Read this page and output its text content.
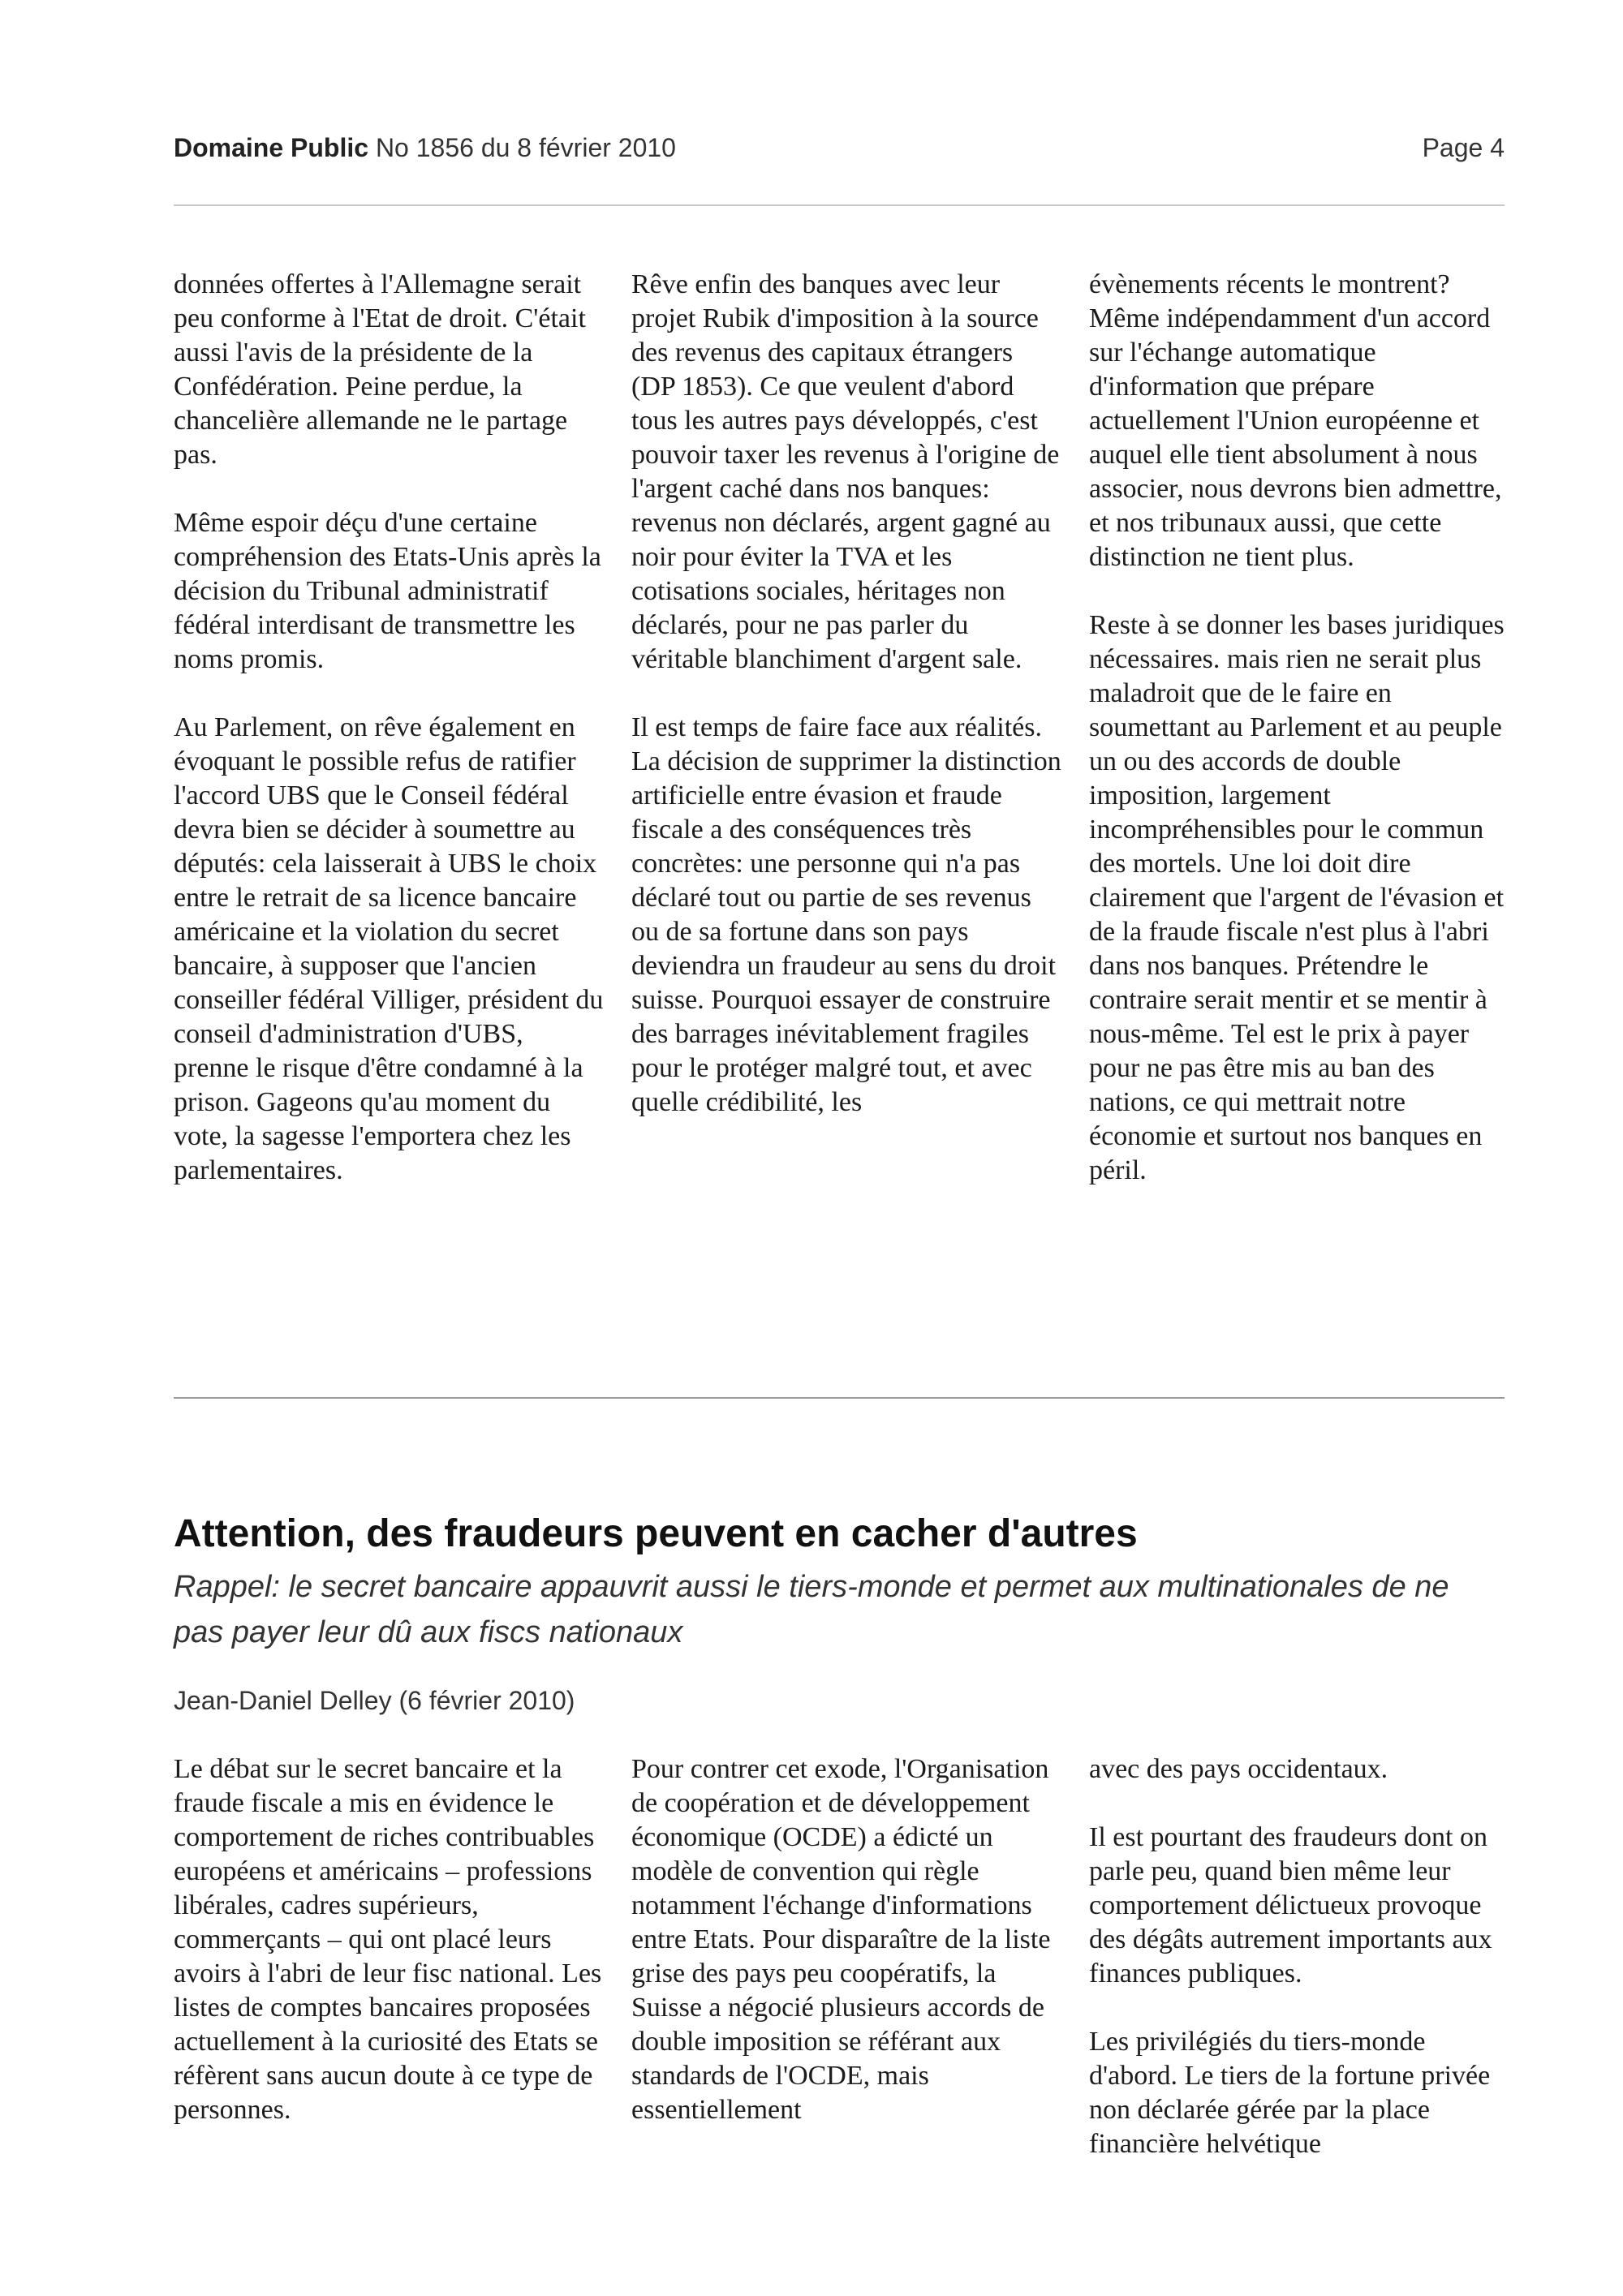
Domaine Public No 1856 du 8 février 2010	Page 4

données offertes à l'Allemagne serait peu conforme à l'Etat de droit. C'était aussi l'avis de la présidente de la Confédération. Peine perdue, la chancelière allemande ne le partage pas.

Même espoir déçu d'une certaine compréhension des Etats-Unis après la décision du Tribunal administratif fédéral interdisant de transmettre les noms promis.

Au Parlement, on rêve également en évoquant le possible refus de ratifier l'accord UBS que le Conseil fédéral devra bien se décider à soumettre au députés: cela laisserait à UBS le choix entre le retrait de sa licence bancaire américaine et la violation du secret bancaire, à supposer que l'ancien conseiller fédéral Villiger, président du conseil d'administration d'UBS, prenne le risque d'être condamné à la prison. Gageons qu'au moment du vote, la sagesse l'emportera chez les parlementaires.

Rêve enfin des banques avec leur projet Rubik d'imposition à la source des revenus des capitaux étrangers (DP 1853). Ce que veulent d'abord tous les autres pays développés, c'est pouvoir taxer les revenus à l'origine de l'argent caché dans nos banques: revenus non déclarés, argent gagné au noir pour éviter la TVA et les cotisations sociales, héritages non déclarés, pour ne pas parler du véritable blanchiment d'argent sale.

Il est temps de faire face aux réalités. La décision de supprimer la distinction artificielle entre évasion et fraude fiscale a des conséquences très concrètes: une personne qui n'a pas déclaré tout ou partie de ses revenus ou de sa fortune dans son pays deviendra un fraudeur au sens du droit suisse. Pourquoi essayer de construire des barrages inévitablement fragiles pour le protéger malgré tout, et avec quelle crédibilité, les

évènements récents le montrent? Même indépendamment d'un accord sur l'échange automatique d'information que prépare actuellement l'Union européenne et auquel elle tient absolument à nous associer, nous devrons bien admettre, et nos tribunaux aussi, que cette distinction ne tient plus.

Reste à se donner les bases juridiques nécessaires. mais rien ne serait plus maladroit que de le faire en soumettant au Parlement et au peuple un ou des accords de double imposition, largement incompréhensibles pour le commun des mortels. Une loi doit dire clairement que l'argent de l'évasion et de la fraude fiscale n'est plus à l'abri dans nos banques. Prétendre le contraire serait mentir et se mentir à nous-même. Tel est le prix à payer pour ne pas être mis au ban des nations, ce qui mettrait notre économie et surtout nos banques en péril.

Attention, des fraudeurs peuvent en cacher d'autres

Rappel: le secret bancaire appauvrit aussi le tiers-monde et permet aux multinationales de ne pas payer leur dû aux fiscs nationaux

Jean-Daniel Delley (6 février 2010)

Le débat sur le secret bancaire et la fraude fiscale a mis en évidence le comportement de riches contribuables européens et américains – professions libérales, cadres supérieurs, commerçants – qui ont placé leurs avoirs à l'abri de leur fisc national. Les listes de comptes bancaires proposées actuellement à la curiosité des Etats se réfèrent sans aucun doute à ce type de personnes.

Pour contrer cet exode, l'Organisation de coopération et de développement économique (OCDE) a édicté un modèle de convention qui règle notamment l'échange d'informations entre Etats. Pour disparaître de la liste grise des pays peu coopératifs, la Suisse a négocié plusieurs accords de double imposition se référant aux standards de l'OCDE, mais essentiellement

avec des pays occidentaux.

Il est pourtant des fraudeurs dont on parle peu, quand bien même leur comportement délictueux provoque des dégâts autrement importants aux finances publiques.

Les privilégiés du tiers-monde d'abord. Le tiers de la fortune privée non déclarée gérée par la place financière helvétique
